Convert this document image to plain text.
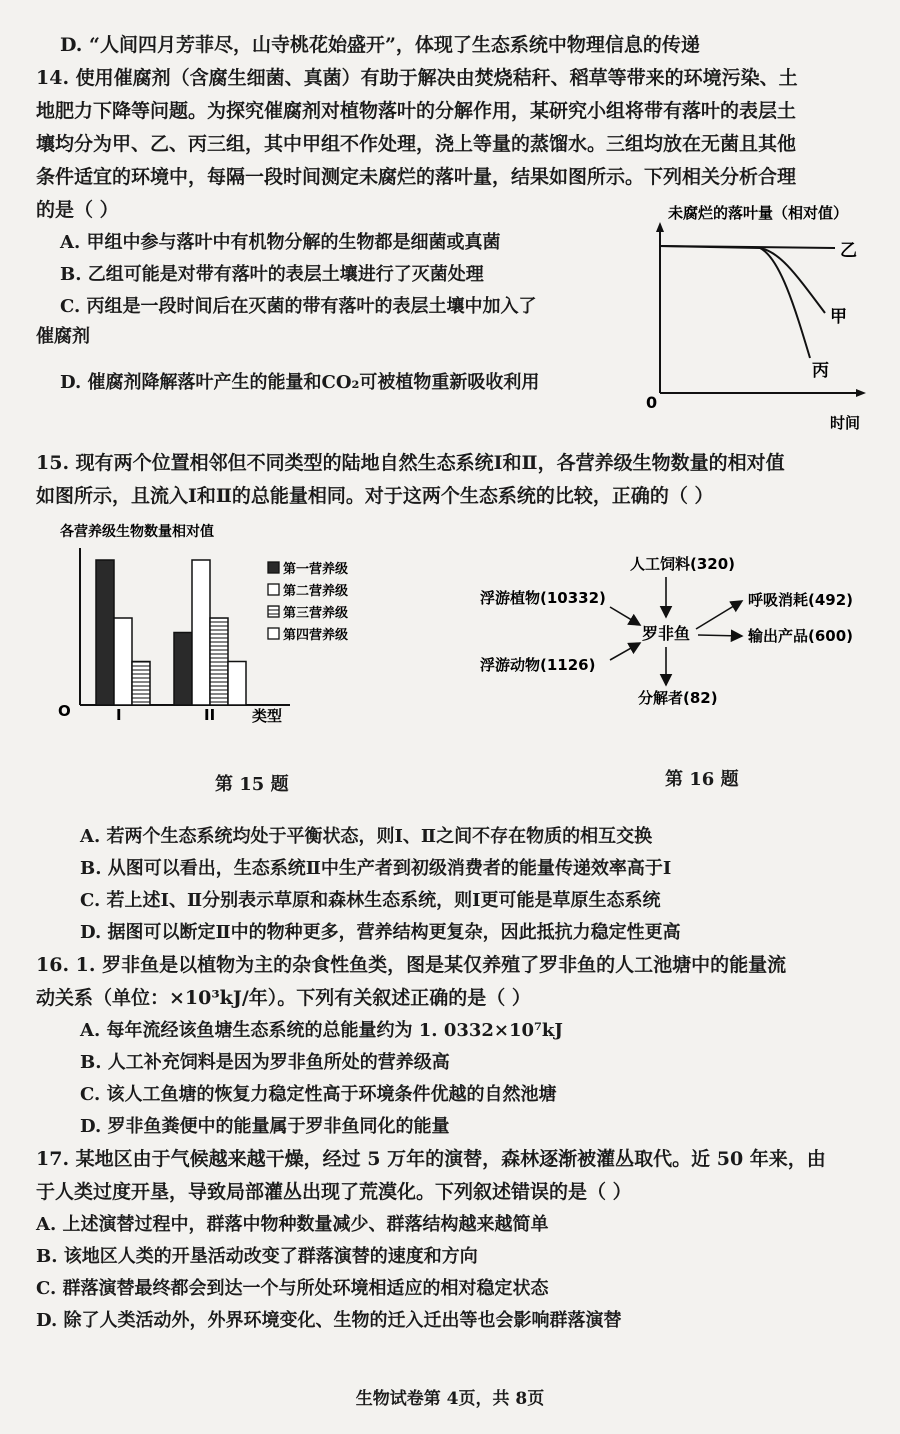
D. “人间四月芳菲尽，山寺桃花始盛开”，体现了生态系统中物理信息的传递
14. 使用催腐剂（含腐生细菌、真菌）有助于解决由焚烧秸秆、稻草等带来的环境污染、土
地肥力下降等问题。为探究催腐剂对植物落叶的分解作用，某研究小组将带有落叶的表层土
壤均分为甲、乙、丙三组，其中甲组不作处理，浇上等量的蒸馏水。三组均放在无菌且其他
条件适宜的环境中，每隔一段时间测定未腐烂的落叶量，结果如图所示。下列相关分析合理
的是（ ）
A. 甲组中参与落叶中有机物分解的生物都是细菌或真菌
B. 乙组可能是对带有落叶的表层土壤进行了灭菌处理
C. 丙组是一段时间后在灭菌的带有落叶的表层土壤中加入了
催腐剂
D. 催腐剂降解落叶产生的能量和CO₂可被植物重新吸收利用
未腐烂的落叶量（相对值）
0
时间
乙
甲
丙
15. 现有两个位置相邻但不同类型的陆地自然生态系统Ⅰ和Ⅱ，各营养级生物数量的相对值
如图所示，且流入Ⅰ和Ⅱ的总能量相同。对于这两个生态系统的比较，正确的（ ）
各营养级生物数量相对值
O	类型
I	II
第一营养级
第二营养级
第三营养级
第四营养级
第 15 题
人工饲料(320)
浮游植物(10332)
罗非鱼
浮游动物(1126)
呼吸消耗(492)
输出产品(600)
分解者(82)
第 16 题
A. 若两个生态系统均处于平衡状态，则Ⅰ、Ⅱ之间不存在物质的相互交换
B. 从图可以看出，生态系统Ⅱ中生产者到初级消费者的能量传递效率高于Ⅰ
C. 若上述Ⅰ、Ⅱ分别表示草原和森林生态系统，则Ⅰ更可能是草原生态系统
D. 据图可以断定Ⅱ中的物种更多，营养结构更复杂，因此抵抗力稳定性更高
16. 1. 罗非鱼是以植物为主的杂食性鱼类，图是某仅养殖了罗非鱼的人工池塘中的能量流
动关系（单位：×10³kJ/年）。下列有关叙述正确的是（ ）
A. 每年流经该鱼塘生态系统的总能量约为 1. 0332×10⁷kJ
B. 人工补充饲料是因为罗非鱼所处的营养级高
C. 该人工鱼塘的恢复力稳定性高于环境条件优越的自然池塘
D. 罗非鱼粪便中的能量属于罗非鱼同化的能量
17. 某地区由于气候越来越干燥，经过 5 万年的演替，森林逐渐被灌丛取代。近 50 年来，由
于人类过度开垦，导致局部灌丛出现了荒漠化。下列叙述错误的是（ ）
A. 上述演替过程中，群落中物种数量减少、群落结构越来越简单
B. 该地区人类的开垦活动改变了群落演替的速度和方向
C. 群落演替最终都会到达一个与所处环境相适应的相对稳定状态
D. 除了人类活动外，外界环境变化、生物的迁入迁出等也会影响群落演替
生物试卷第 4页，共 8页
